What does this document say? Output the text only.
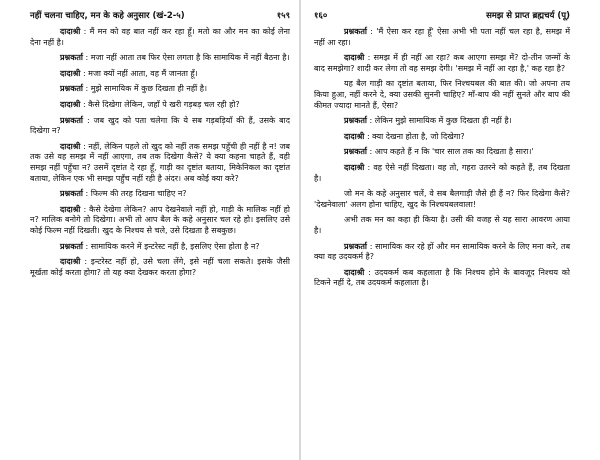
नहीं चलना चाहिए, मन के कहे अनुसार (खं-2-५)	१५९

दादाश्री : मैं मन को वह बात नहीं कर रहा हूँ। मतो का और मन का कोई लेना देना नहीं है।

प्रश्नकर्ता : मजा नहीं आता तब फिर ऐसा लगता है कि सामायिक में नहीं बैठना है।

दादाश्री : मजा क्यों नहीं आता, वह मैं जानता हूँ।

प्रश्नकर्ता : मुझे सामायिक में कुछ दिखता ही नहीं है।

दादाश्री : कैसे दिखेगा लेकिन, जहाँ पे खरी गड़बड़ चल रही हो?

प्रश्नकर्ता : जब खुद को पता चलेगा कि ये सब गड़बड़ियाँ की हैं, उसके बाद दिखेगा न?

दादाश्री : नहीं, लेकिन पहले तो खुद को नहीं तक समझ पहुँची ही नहीं है न! जब तक उसे वह समझ में नहीं आएगा, तब तक दिखेगा कैसे? ये क्या कहना चाहते हैं, वही समझ नहीं पहुँचा न? उसमें दृष्टांत दे रहा हूँ, गाड़ी का दृष्टांत बताया, मिकेनिकल का दृष्टांत बताया, लेकिन एक भी समझ पहुँच नहीं रही है अंदर। अब कोई क्या करे?

प्रश्नकर्ता : फिल्म की तरह दिखना चाहिए न?

दादाश्री : कैसे देखेगा लेकिन? आप देखनेवाले नहीं हो, गाड़ी के मालिक नहीं हो न? मालिक बनोगे तो दिखेगा। अभी तो आप बैल के कहे अनुसार चल रहे हो। इसलिए उसे कोई फिल्म नहीं दिखती। खुद के निश्चय से चले, उसे दिखता है सबकुछ।

प्रश्नकर्ता : सामायिक करने में इन्टरेस्ट नहीं है, इसलिए ऐसा होता है न?

दादाश्री : इन्टरेस्ट नहीं हो, उसे चला लेंगे, इसे नहीं चला सकते। इसके जैसी मूर्खता कोई करता होगा? तो यह क्या देखकर करता होगा?

१६०	समझ से प्राप्त ब्रह्मचर्य (पू)

प्रश्नकर्ता : 'मैं ऐसा कर रहा हूँ' ऐसा अभी भी पता नहीं चल रहा है, समझ में नहीं आ रहा।

दादाश्री : समझ में ही नहीं आ रहा? कब आएगा समझ में? दो-तीन जन्मों के बाद समझेगा? शादी कर लेगा तो वह समझ देगी। 'समझ में नहीं आ रहा है,' कह रहा है?

यह बैल गाड़ी का दृष्टांत बताया, फिर निश्चयबल की बात की। जो अपना तय किया हुआ, नहीं करने दे, क्या उसकी सुननी चाहिए? माँ-बाप की नहीं सुनते और बाप की कीमत ज्यादा मानते हैं, ऐसा?

प्रश्नकर्ता : लेकिन मुझे सामायिक में कुछ दिखता ही नहीं है।

दादाश्री : क्या देखना होता है, जो दिखेगा?

प्रश्नकर्ता : आप कहते हैं न कि 'चार साल तक का दिखता है सारा।'

दादाश्री : वह ऐसे नहीं दिखता। वह तो, गहरा उतरने को कहते हैं, तब दिखता है।

जो मन के कहे अनुसार चलें, वे सब बैलगाड़ी जैसे ही हैं न? फिर दिखेगा कैसे? 'देखनेवाला' अलग होना चाहिए, खुद के निश्चयबलवाला!

अभी तक मन का कहा ही किया है। उसी की वजह से यह सारा आवरण आया है।

प्रश्नकर्ता : सामायिक कर रहे हों और मन सामायिक करने के लिए मना करे, तब क्या वह उदयकर्म है?

दादाश्री : उदयकर्म कब कहलाता है कि निश्चय होने के बावजूद निश्चय को टिकने नहीं दे, तब उदयकर्म कहलाता है।
